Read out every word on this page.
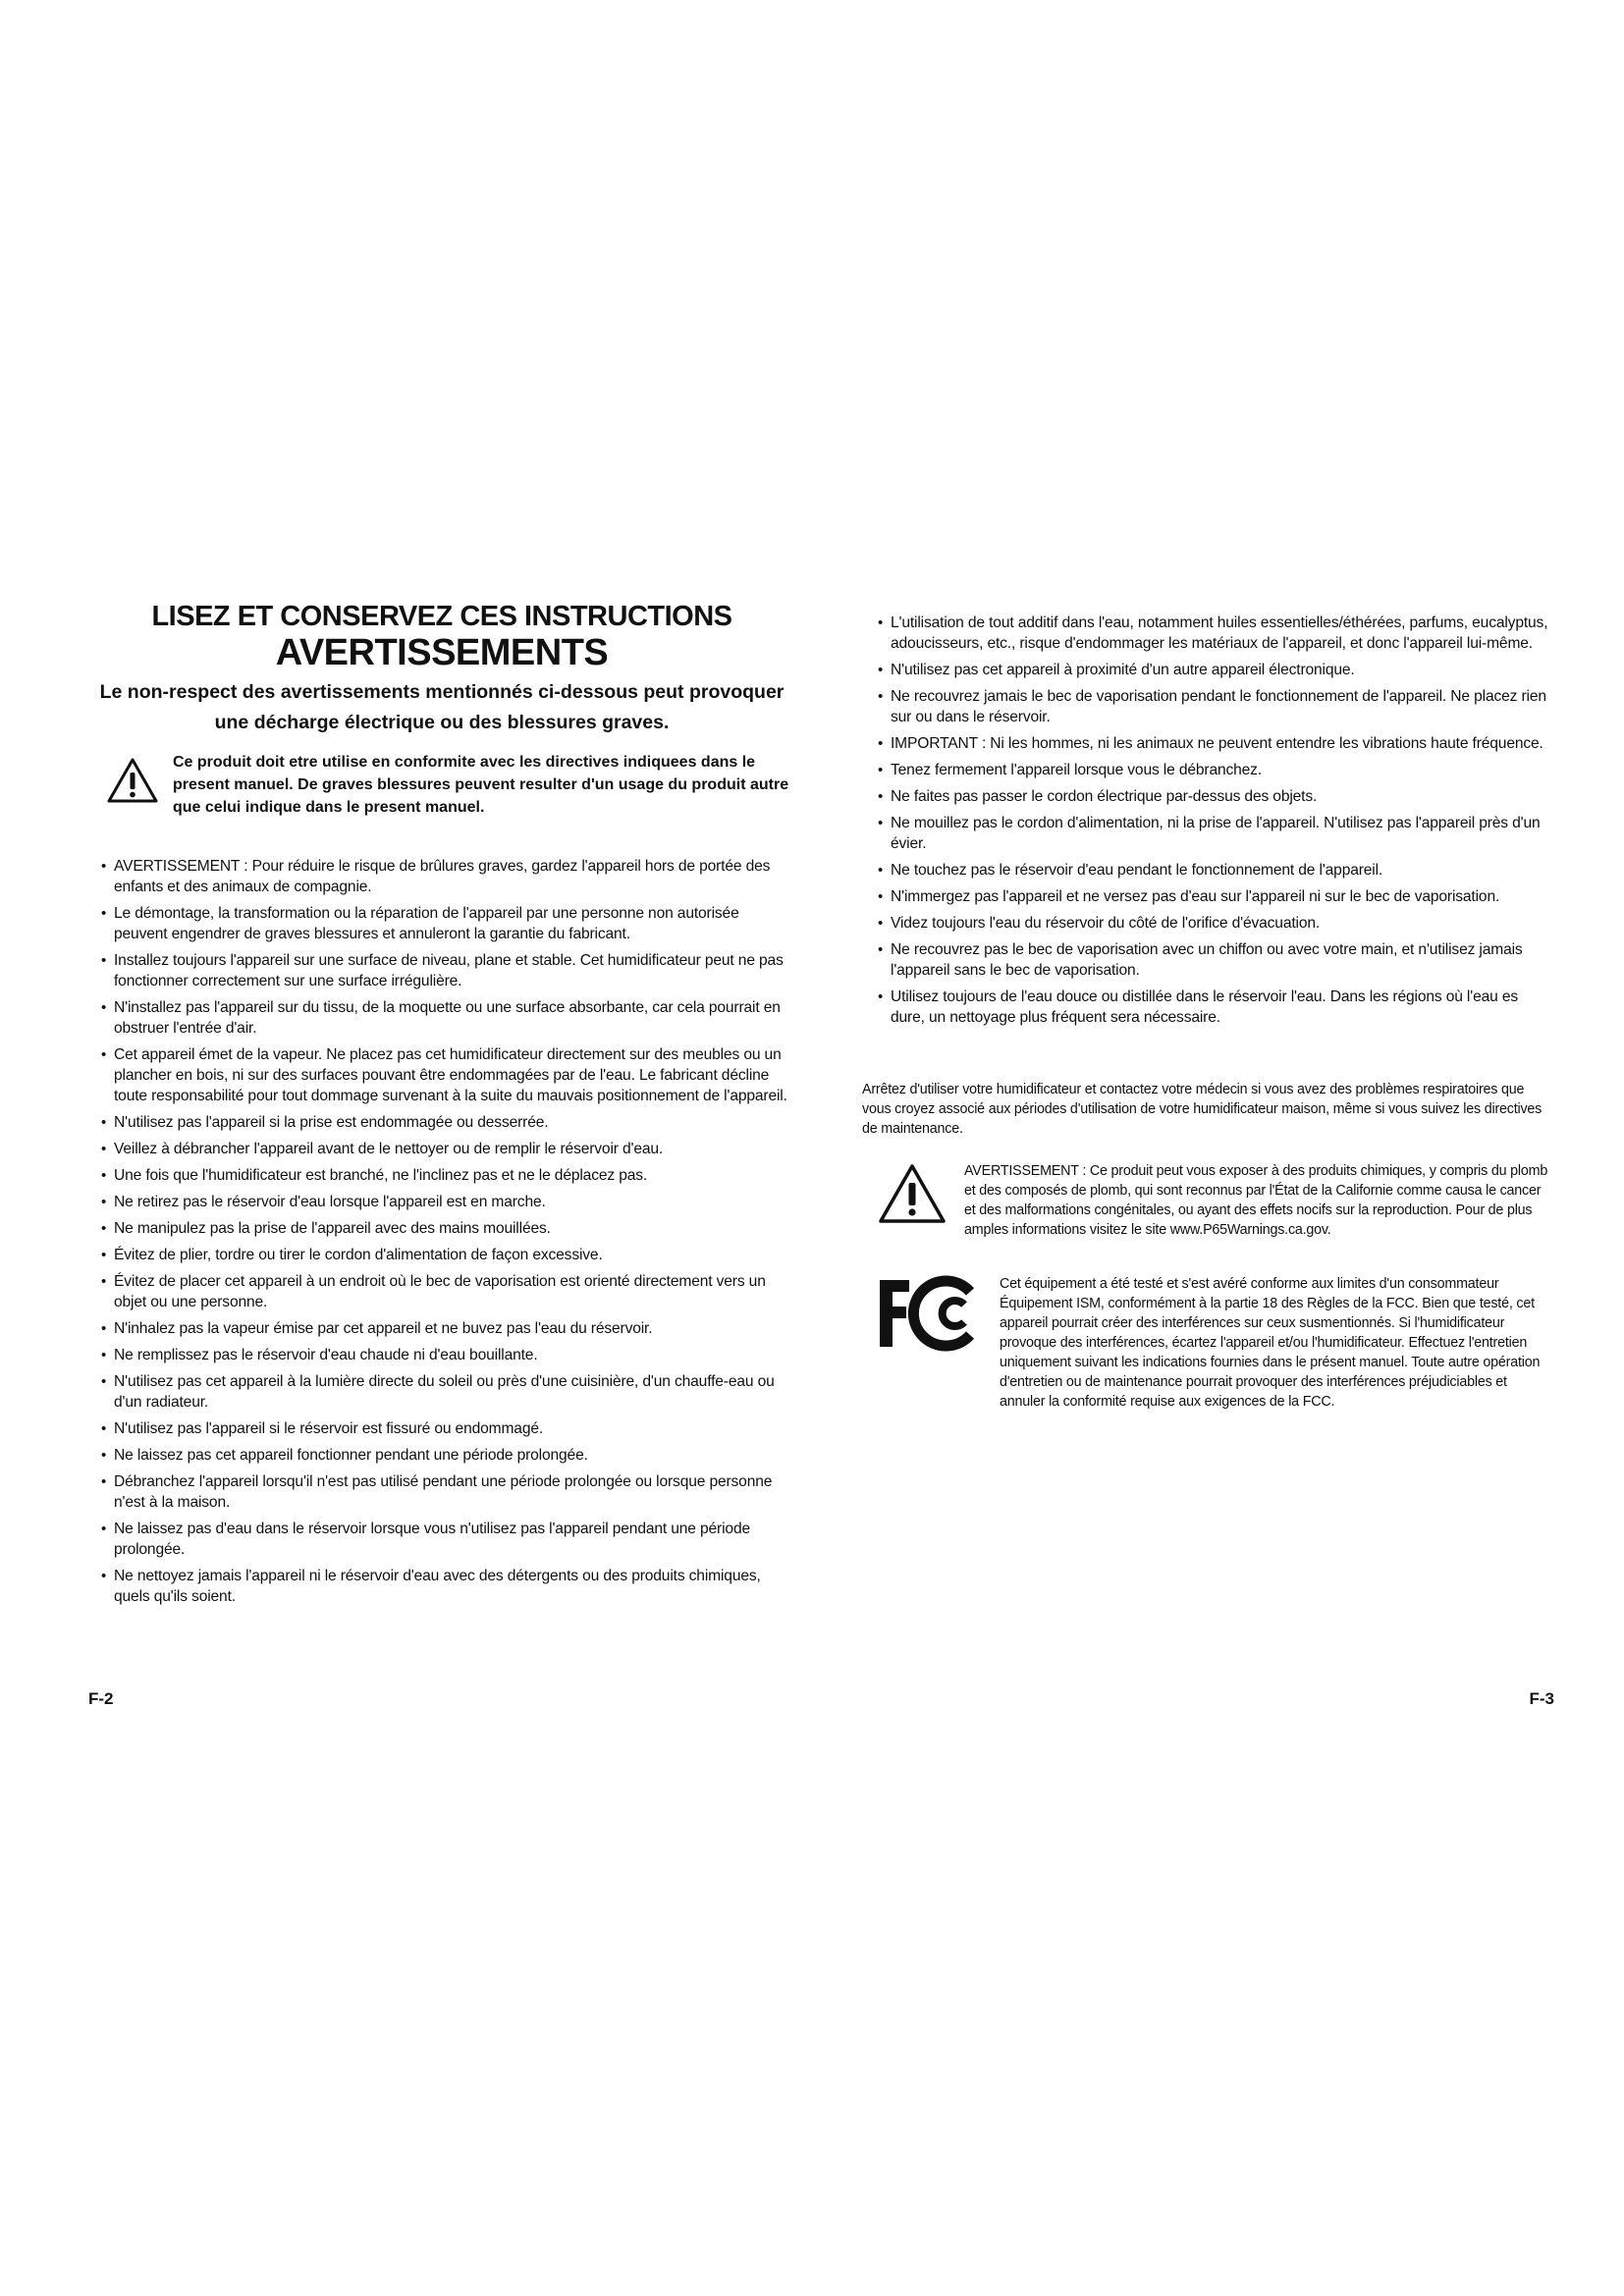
LISEZ ET CONSERVEZ CES INSTRUCTIONS
AVERTISSEMENTS
Le non-respect des avertissements mentionnés ci-dessous peut provoquer une décharge électrique ou des blessures graves.
Ce produit doit etre utilise en conformite avec les directives indiquees dans le present manuel. De graves blessures peuvent resulter d'un usage du produit autre que celui indique dans le present manuel.
• AVERTISSEMENT : Pour réduire le risque de brûlures graves, gardez l'appareil hors de portée des enfants et des animaux de compagnie.
• Le démontage, la transformation ou la réparation de l'appareil par une personne non autorisée peuvent engendrer de graves blessures et annuleront la garantie du fabricant.
• Installez toujours l'appareil sur une surface de niveau, plane et stable. Cet humidificateur peut ne pas fonctionner correctement sur une surface irrégulière.
• N'installez pas l'appareil sur du tissu, de la moquette ou une surface absorbante, car cela pourrait en obstruer l'entrée d'air.
• Cet appareil émet de la vapeur. Ne placez pas cet humidificateur directement sur des meubles ou un plancher en bois, ni sur des surfaces pouvant être endommagées par de l'eau. Le fabricant décline toute responsabilité pour tout dommage survenant à la suite du mauvais positionnement de l'appareil.
• N'utilisez pas l'appareil si la prise est endommagée ou desserrée.
• Veillez à débrancher l'appareil avant de le nettoyer ou de remplir le réservoir d'eau.
• Une fois que l'humidificateur est branché, ne l'inclinez pas et ne le déplacez pas.
• Ne retirez pas le réservoir d'eau lorsque l'appareil est en marche.
• Ne manipulez pas la prise de l'appareil avec des mains mouillées.
• Évitez de plier, tordre ou tirer le cordon d'alimentation de façon excessive.
• Évitez de placer cet appareil à un endroit où le bec de vaporisation est orienté directement vers un objet ou une personne.
• N'inhalez pas la vapeur émise par cet appareil et ne buvez pas l'eau du réservoir.
• Ne remplissez pas le réservoir d'eau chaude ni d'eau bouillante.
• N'utilisez pas cet appareil à la lumière directe du soleil ou près d'une cuisinière, d'un chauffe-eau ou d'un radiateur.
• N'utilisez pas l'appareil si le réservoir est fissuré ou endommagé.
• Ne laissez pas cet appareil fonctionner pendant une période prolongée.
• Débranchez l'appareil lorsqu'il n'est pas utilisé pendant une période prolongée ou lorsque personne n'est à la maison.
• Ne laissez pas d'eau dans le réservoir lorsque vous n'utilisez pas l'appareil pendant une période prolongée.
• Ne nettoyez jamais l'appareil ni le réservoir d'eau avec des détergents ou des produits chimiques, quels qu'ils soient.
F-2
• L'utilisation de tout additif dans l'eau, notamment huiles essentielles/éthérées, parfums, eucalyptus, adoucisseurs, etc., risque d'endommager les matériaux de l'appareil, et donc l'appareil lui-même.
• N'utilisez pas cet appareil à proximité d'un autre appareil électronique.
• Ne recouvrez jamais le bec de vaporisation pendant le fonctionnement de l'appareil. Ne placez rien sur ou dans le réservoir.
• IMPORTANT : Ni les hommes, ni les animaux ne peuvent entendre les vibrations haute fréquence.
• Tenez fermement l'appareil lorsque vous le débranchez.
• Ne faites pas passer le cordon électrique par-dessus des objets.
• Ne mouillez pas le cordon d'alimentation, ni la prise de l'appareil. N'utilisez pas l'appareil près d'un évier.
• Ne touchez pas le réservoir d'eau pendant le fonctionnement de l'appareil.
• N'immergez pas l'appareil et ne versez pas d'eau sur l'appareil ni sur le bec de vaporisation.
• Videz toujours l'eau du réservoir du côté de l'orifice d'évacuation.
• Ne recouvrez pas le bec de vaporisation avec un chiffon ou avec votre main, et n'utilisez jamais l'appareil sans le bec de vaporisation.
• Utilisez toujours de l'eau douce ou distillée dans le réservoir l'eau. Dans les régions où l'eau es dure, un nettoyage plus fréquent sera nécessaire.
Arrêtez d'utiliser votre humidificateur et contactez votre médecin si vous avez des problèmes respiratoires que vous croyez associé aux périodes d'utilisation de votre humidificateur maison, même si vous suivez les directives de maintenance.
AVERTISSEMENT : Ce produit peut vous exposer à des produits chimiques, y compris du plomb et des composés de plomb, qui sont reconnus par l'État de la Californie comme causa le cancer et des malformations congénitales, ou ayant des effets nocifs sur la reproduction. Pour de plus amples informations visitez le site www.P65Warnings.ca.gov.
Cet équipement a été testé et s'est avéré conforme aux limites d'un consommateur Équipement ISM, conformément à la partie 18 des Règles de la FCC. Bien que testé, cet appareil pourrait créer des interférences sur ceux susmentionnés. Si l'humidificateur provoque des interférences, écartez l'appareil et/ou l'humidificateur. Effectuez l'entretien uniquement suivant les indications fournies dans le présent manuel. Toute autre opération d'entretien ou de maintenance pourrait provoquer des interférences préjudiciables et annuler la conformité requise aux exigences de la FCC.
F-3
